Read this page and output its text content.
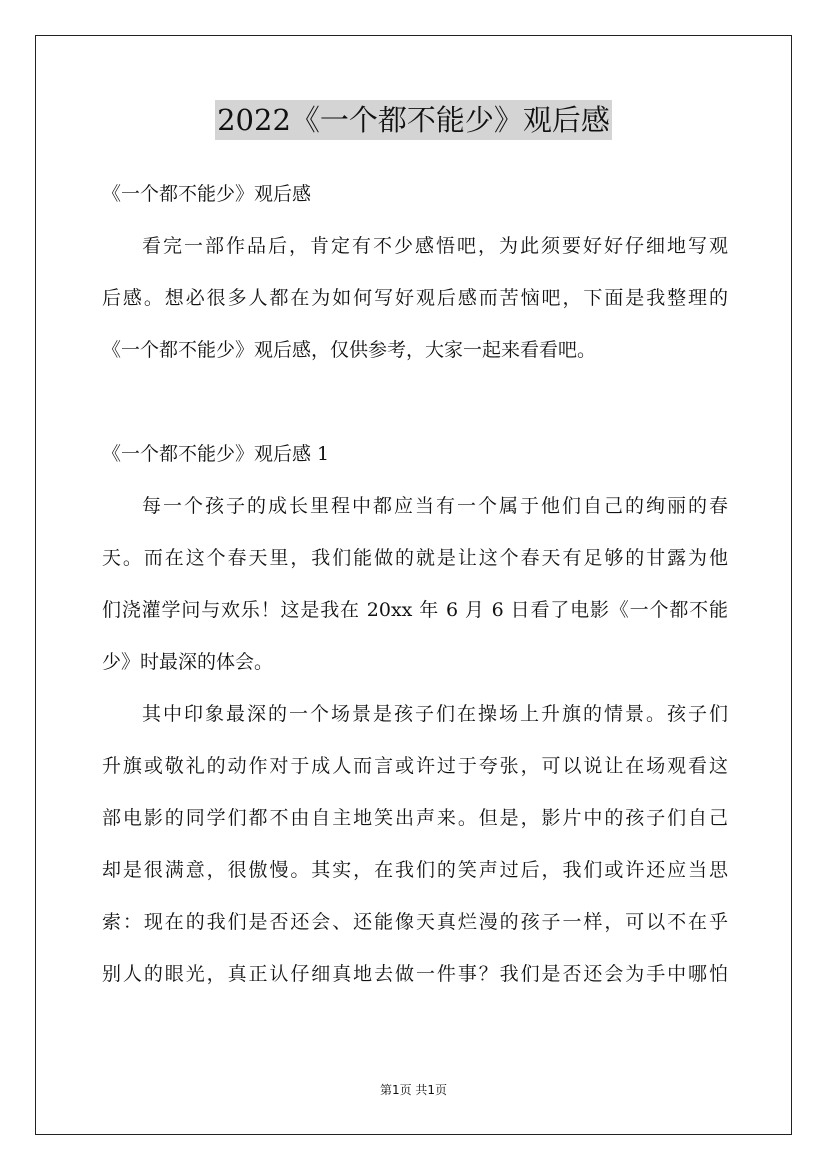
2022《一个都不能少》观后感
《一个都不能少》观后感
看完一部作品后，肯定有不少感悟吧，为此须要好好仔细地写观
后感。想必很多人都在为如何写好观后感而苦恼吧，下面是我整理的
《一个都不能少》观后感，仅供参考，大家一起来看看吧。
《一个都不能少》观后感 1
每一个孩子的成长里程中都应当有一个属于他们自己的绚丽的春
天。而在这个春天里，我们能做的就是让这个春天有足够的甘露为他
们浇灌学问与欢乐！这是我在 20xx 年 6 月 6 日看了电影《一个都不能
少》时最深的体会。
其中印象最深的一个场景是孩子们在操场上升旗的情景。孩子们
升旗或敬礼的动作对于成人而言或许过于夸张，可以说让在场观看这
部电影的同学们都不由自主地笑出声来。但是，影片中的孩子们自己
却是很满意，很傲慢。其实，在我们的笑声过后，我们或许还应当思
索：现在的我们是否还会、还能像天真烂漫的孩子一样，可以不在乎
别人的眼光，真正认仔细真地去做一件事？我们是否还会为手中哪怕
第1页 共1页
